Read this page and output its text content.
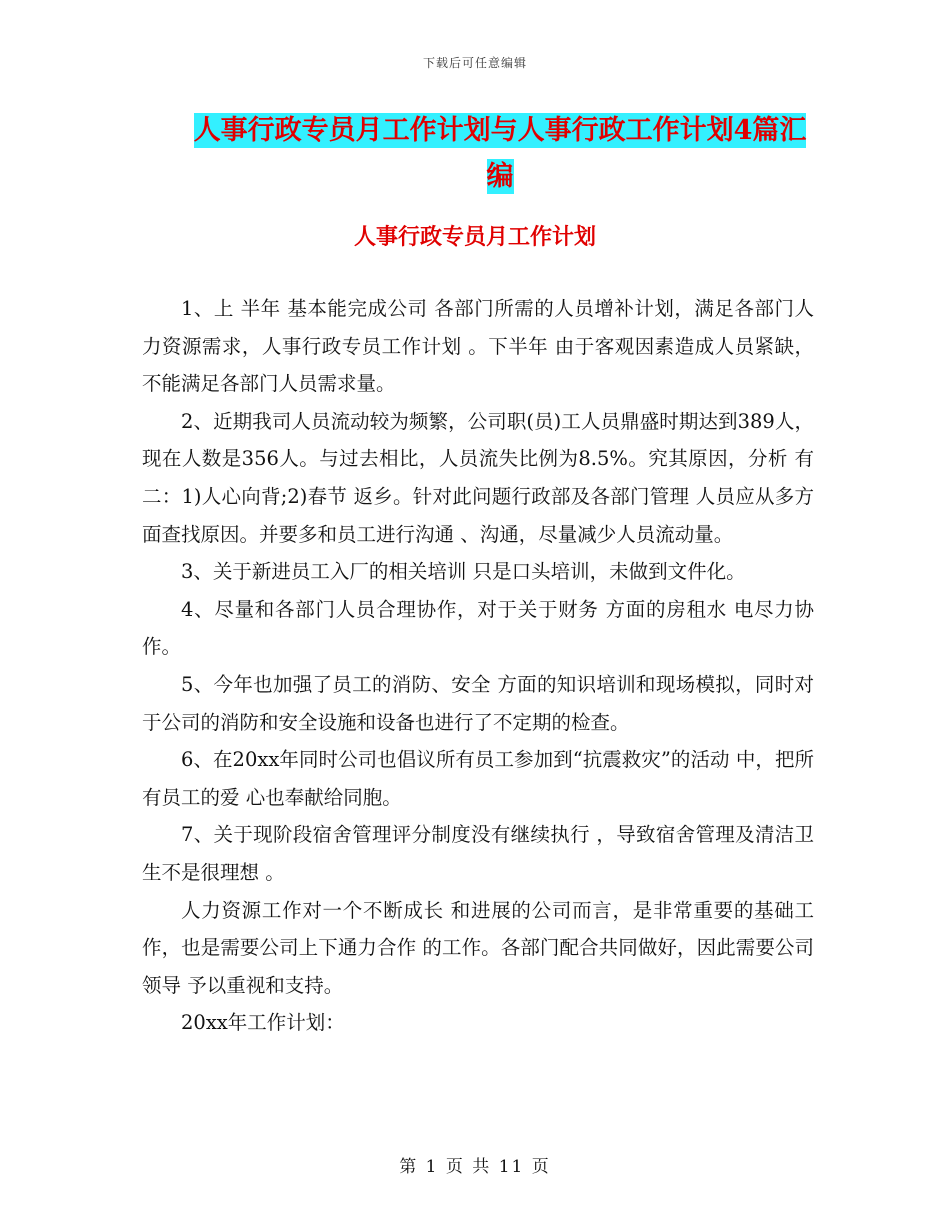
下载后可任意编辑
人事行政专员月工作计划与人事行政工作计划4篇汇编
人事行政专员月工作计划

1、上 半年 基本能完成公司 各部门所需的人员增补计划，满足各部门人力资源需求，人事行政专员工作计划 。下半年 由于客观因素造成人员紧缺，不能满足各部门人员需求量。

2、近期我司人员流动较为频繁，公司职(员)工人员鼎盛时期达到389人，现在人数是356人。与过去相比，人员流失比例为8.5%。究其原因，分析 有二：1)人心向背;2)春节 返乡。针对此问题行政部及各部门管理 人员应从多方面查找原因。并要多和员工进行沟通 、沟通，尽量减少人员流动量。

3、关于新进员工入厂的相关培训 只是口头培训，未做到文件化。

4、尽量和各部门人员合理协作，对于关于财务 方面的房租水 电尽力协作。

5、今年也加强了员工的消防、安全 方面的知识培训和现场模拟，同时对于公司的消防和安全设施和设备也进行了不定期的检查。

6、在20xx年同时公司也倡议所有员工参加到“抗震救灾”的活动 中，把所有员工的爱 心也奉献给同胞。

7、关于现阶段宿舍管理评分制度没有继续执行 ，导致宿舍管理及清洁卫生不是很理想 。

人力资源工作对一个不断成长 和进展的公司而言，是非常重要的基础工作，也是需要公司上下通力合作 的工作。各部门配合共同做好，因此需要公司领导 予以重视和支持。

20xx年工作计划：

第 1 页 共 11 页
